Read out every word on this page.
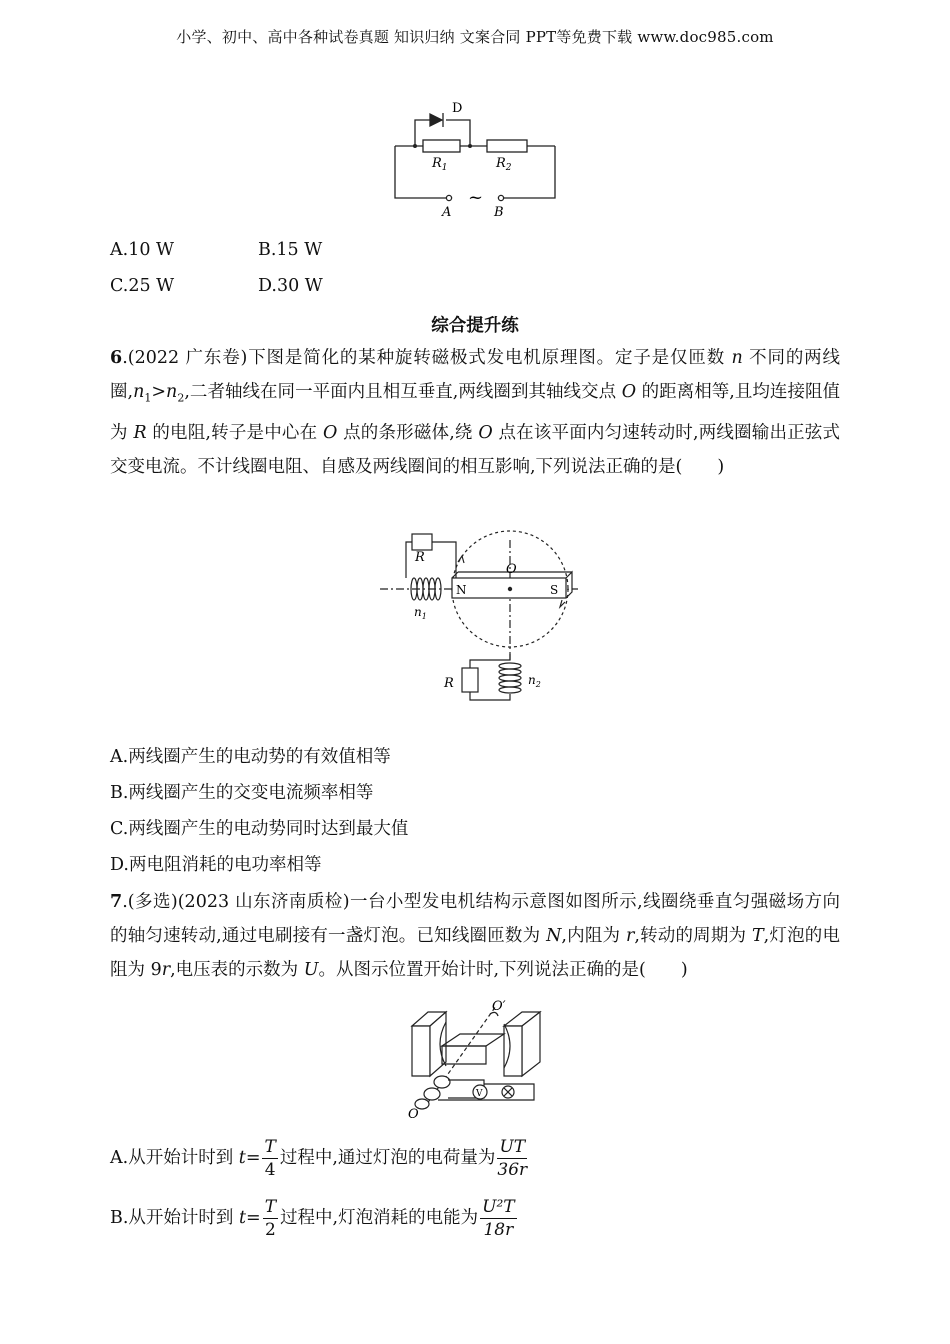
小学、初中、高中各种试卷真题 知识归纳 文案合同 PPT等免费下载 www.doc985.com
D
$R_1$	$R_2$
~
A	B
A.10 W	B.15 W
C.25 W	D.30 W
综合提升练
6.(2022 广东卷)下图是简化的某种旋转磁极式发电机原理图。定子是仅匝数 n 不同的两线圈$,n_1>n_2$,二者轴线在同一平面内且相互垂直,两线圈到其轴线交点 O 的距离相等,且均连接阻值为 R 的电阻,转子是中心在 O 点的条形磁体,绕 O 点在该平面内匀速转动时,两线圈输出正弦式交变电流。不计线圈电阻、自感及两线圈间的相互影响,下列说法正确的是(　　)
R
R
O
N	S
$n_1$
$n_2$
A.两线圈产生的电动势的有效值相等
B.两线圈产生的交变电流频率相等
C.两线圈产生的电动势同时达到最大值
D.两电阻消耗的电功率相等
7.(多选)(2023 山东济南质检)一台小型发电机结构示意图如图所示,线圈绕垂直匀强磁场方向的轴匀速转动,通过电刷接有一盏灯泡。已知线圈匝数为 N,内阻为 r,转动的周期为 T,灯泡的电阻为 9r,电压表的示数为 U。从图示位置开始计时,下列说法正确的是(　　)
V
O′
O
A.从开始计时到 $t= \frac{T}{4}$ 过程中,通过灯泡的电荷量为 $\frac{UT}{36r}$
B.从开始计时到 $t= \frac{T}{2}$ 过程中,灯泡消耗的电能为 $\frac{\text{U²T}}{18r}$
